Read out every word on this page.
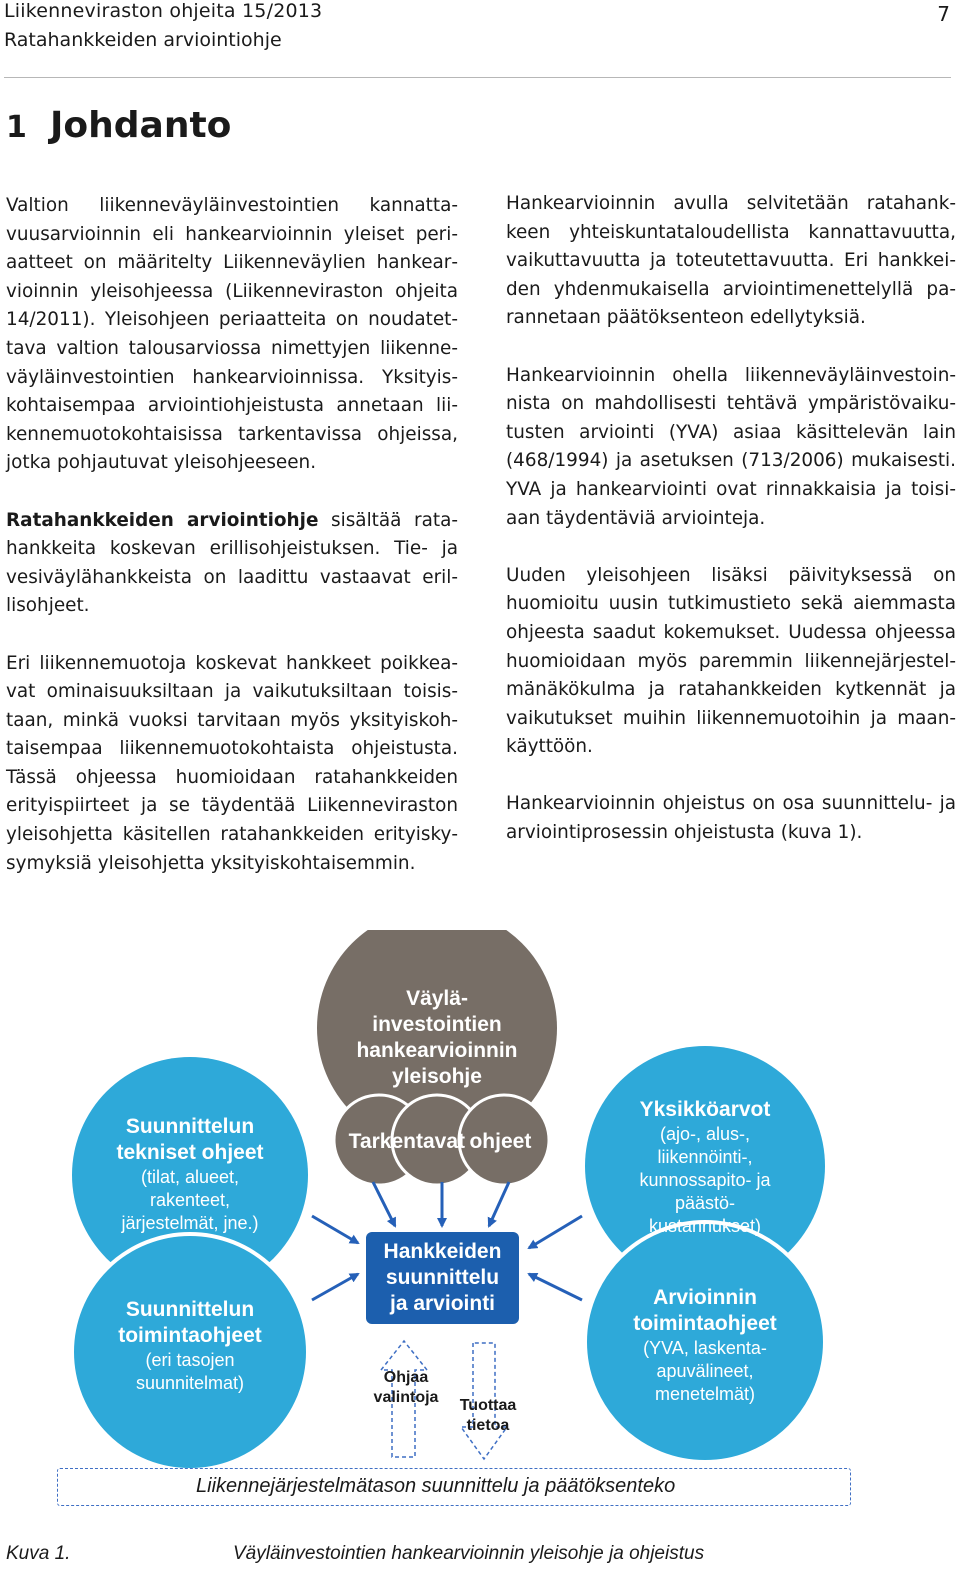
Liikenneviraston ohjeita 15/2013
Ratahankkeiden arviointiohje
7
1 Johdanto

Valtion liikenneväyläinvestointien kannattavuusarvioinnin eli hankearvioinnin yleiset periaatteet on määritelty Liikenneväylien hankearvioinnin yleisohjeessa (Liikenneviraston ohjeita 14/2011). Yleisohjeen periaatteita on noudatettava valtion talousarviossa nimettyjen liikenneväyläinvestointien hankearvioinnissa. Yksityiskohtaisempaa arviointiohjeistusta annetaan liikennemuotokohtaisissa tarkentavissa ohjeissa, jotka pohjautuvat yleisohjeeseen.

Ratahankkeiden arviointiohje sisältää ratahankkeita koskevan erillisohjeistuksen. Tie- ja vesiväylähankkeista on laadittu vastaavat erillisohjeet.

Eri liikennemuotoja koskevat hankkeet poikkeavat ominaisuuksiltaan ja vaikutuksiltaan toisistaan, minkä vuoksi tarvitaan myös yksityiskohtaisempaa liikennemuotokohtaista ohjeistusta. Tässä ohjeessa huomioidaan ratahankkeiden erityispiirteet ja se täydentää Liikenneviraston yleisohjetta käsitellen ratahankkeiden erityiskysymyksiä yleisohjetta yksityiskohtaisemmin.

Hankearvioinnin avulla selvitetään ratahankkeen yhteiskuntataloudellista kannattavuutta, vaikuttavuutta ja toteutettavuutta. Eri hankkeiden yhdenmukaisella arviointimenettelyllä parannetaan päätöksenteon edellytyksiä.

Hankearvioinnin ohella liikenneväyläinvestoinnista on mahdollisesti tehtävä ympäristövaikutusten arviointi (YVA) asiaa käsittelevän lain (468/1994) ja asetuksen (713/2006) mukaisesti. YVA ja hankearviointi ovat rinnakkaisia ja toisiaan täydentäviä arviointeja.

Uuden yleisohjeen lisäksi päivityksessä on huomioitu uusin tutkimustieto sekä aiemmasta ohjeesta saadut kokemukset. Uudessa ohjeessa huomioidaan myös paremmin liikennejärjestelmänäkökulma ja ratahankkeiden kytkennät ja vaikutukset muihin liikennemuotoihin ja maankäyttöön.

Hankearvioinnin ohjeistus on osa suunnittelu- ja arviointiprosessin ohjeistusta (kuva 1).

Väylä-
investointien
hankearvioinnin
yleisohje
Tarkentavat ohjeet
Suunnittelun
tekniset ohjeet
(tilat, alueet,
rakenteet,
järjestelmät, jne.)
Suunnittelun
toimintaohjeet
(eri tasojen
suunnitelmat)
Yksikköarvot
(ajo-, alus-,
liikennöinti-,
kunnossapito- ja
päästö-
kustannukset)
Arvioinnin
toimintaohjeet
(YVA, laskenta-
apuvälineet,
menetelmät)
Hankkeiden
suunnittelu
ja arviointi
Ohjaa
valintoja	Tuottaa
tietoa
Liikennejärjestelmätason suunnittelu ja päätöksenteko
Kuva 1.	Väyläinvestointien hankearvioinnin yleisohje ja ohjeistus
